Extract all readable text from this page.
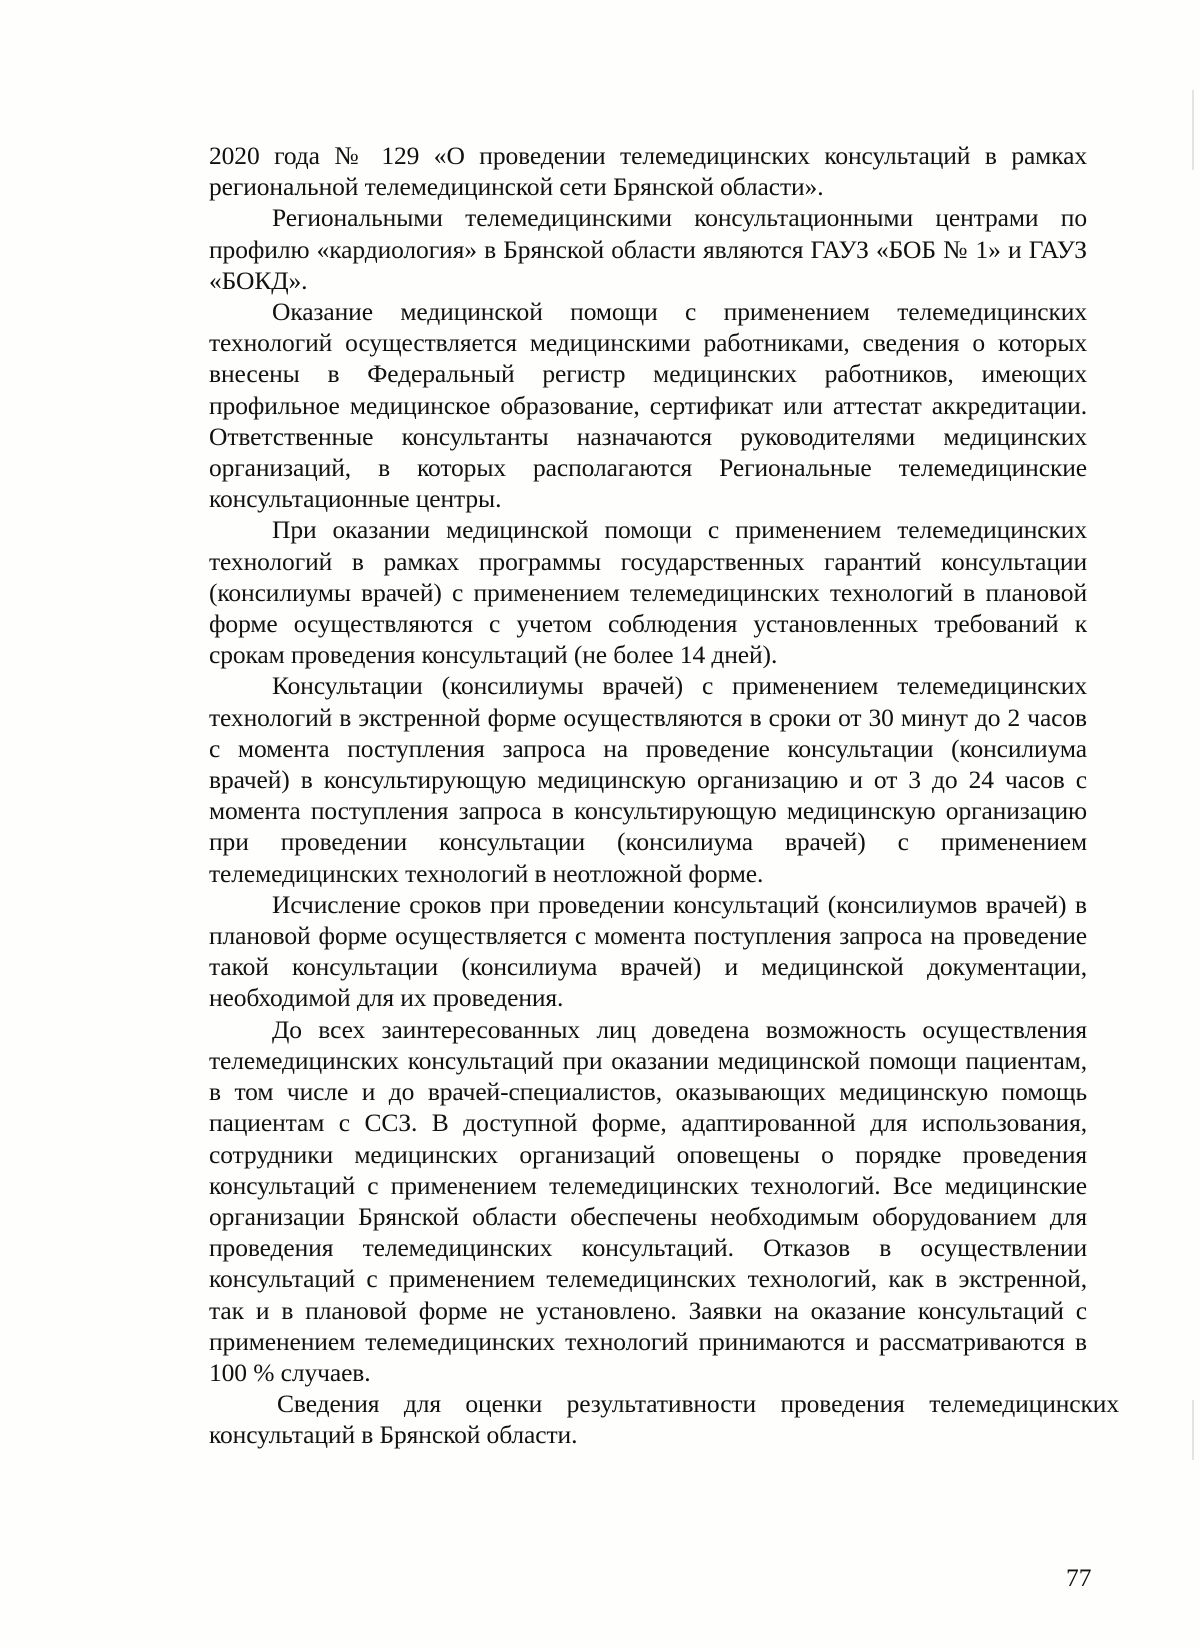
2020 года № 129 «О проведении телемедицинских консультаций в рамках региональной телемедицинской сети Брянской области».

Региональными телемедицинскими консультационными центрами по профилю «кардиология» в Брянской области являются ГАУЗ «БОБ № 1» и ГАУЗ «БОКД».

Оказание медицинской помощи с применением телемедицинских технологий осуществляется медицинскими работниками, сведения о которых внесены в Федеральный регистр медицинских работников, имеющих профильное медицинское образование, сертификат или аттестат аккредитации. Ответственные консультанты назначаются руководителями медицинских организаций, в которых располагаются Региональные телемедицинские консультационные центры.

При оказании медицинской помощи с применением телемедицинских технологий в рамках программы государственных гарантий консультации (консилиумы врачей) с применением телемедицинских технологий в плановой форме осуществляются с учетом соблюдения установленных требований к срокам проведения консультаций (не более 14 дней).

Консультации (консилиумы врачей) с применением телемедицинских технологий в экстренной форме осуществляются в сроки от 30 минут до 2 часов с момента поступления запроса на проведение консультации (консилиума врачей) в консультирующую медицинскую организацию и от 3 до 24 часов с момента поступления запроса в консультирующую медицинскую организацию при проведении консультации (консилиума врачей) с применением телемедицинских технологий в неотложной форме.

Исчисление сроков при проведении консультаций (консилиумов врачей) в плановой форме осуществляется с момента поступления запроса на проведение такой консультации (консилиума врачей) и медицинской документации, необходимой для их проведения.

До всех заинтересованных лиц доведена возможность осуществления телемедицинских консультаций при оказании медицинской помощи пациентам, в том числе и до врачей-специалистов, оказывающих медицинскую помощь пациентам с ССЗ. В доступной форме, адаптированной для использования, сотрудники медицинских организаций оповещены о порядке проведения консультаций с применением телемедицинских технологий. Все медицинские организации Брянской области обеспечены необходимым оборудованием для проведения телемедицинских консультаций. Отказов в осуществлении консультаций с применением телемедицинских технологий, как в экстренной, так и в плановой форме не установлено. Заявки на оказание консультаций с применением телемедицинских технологий принимаются и рассматриваются в 100 % случаев.

Сведения для оценки результативности проведения телемедицинских консультаций в Брянской области.

77
